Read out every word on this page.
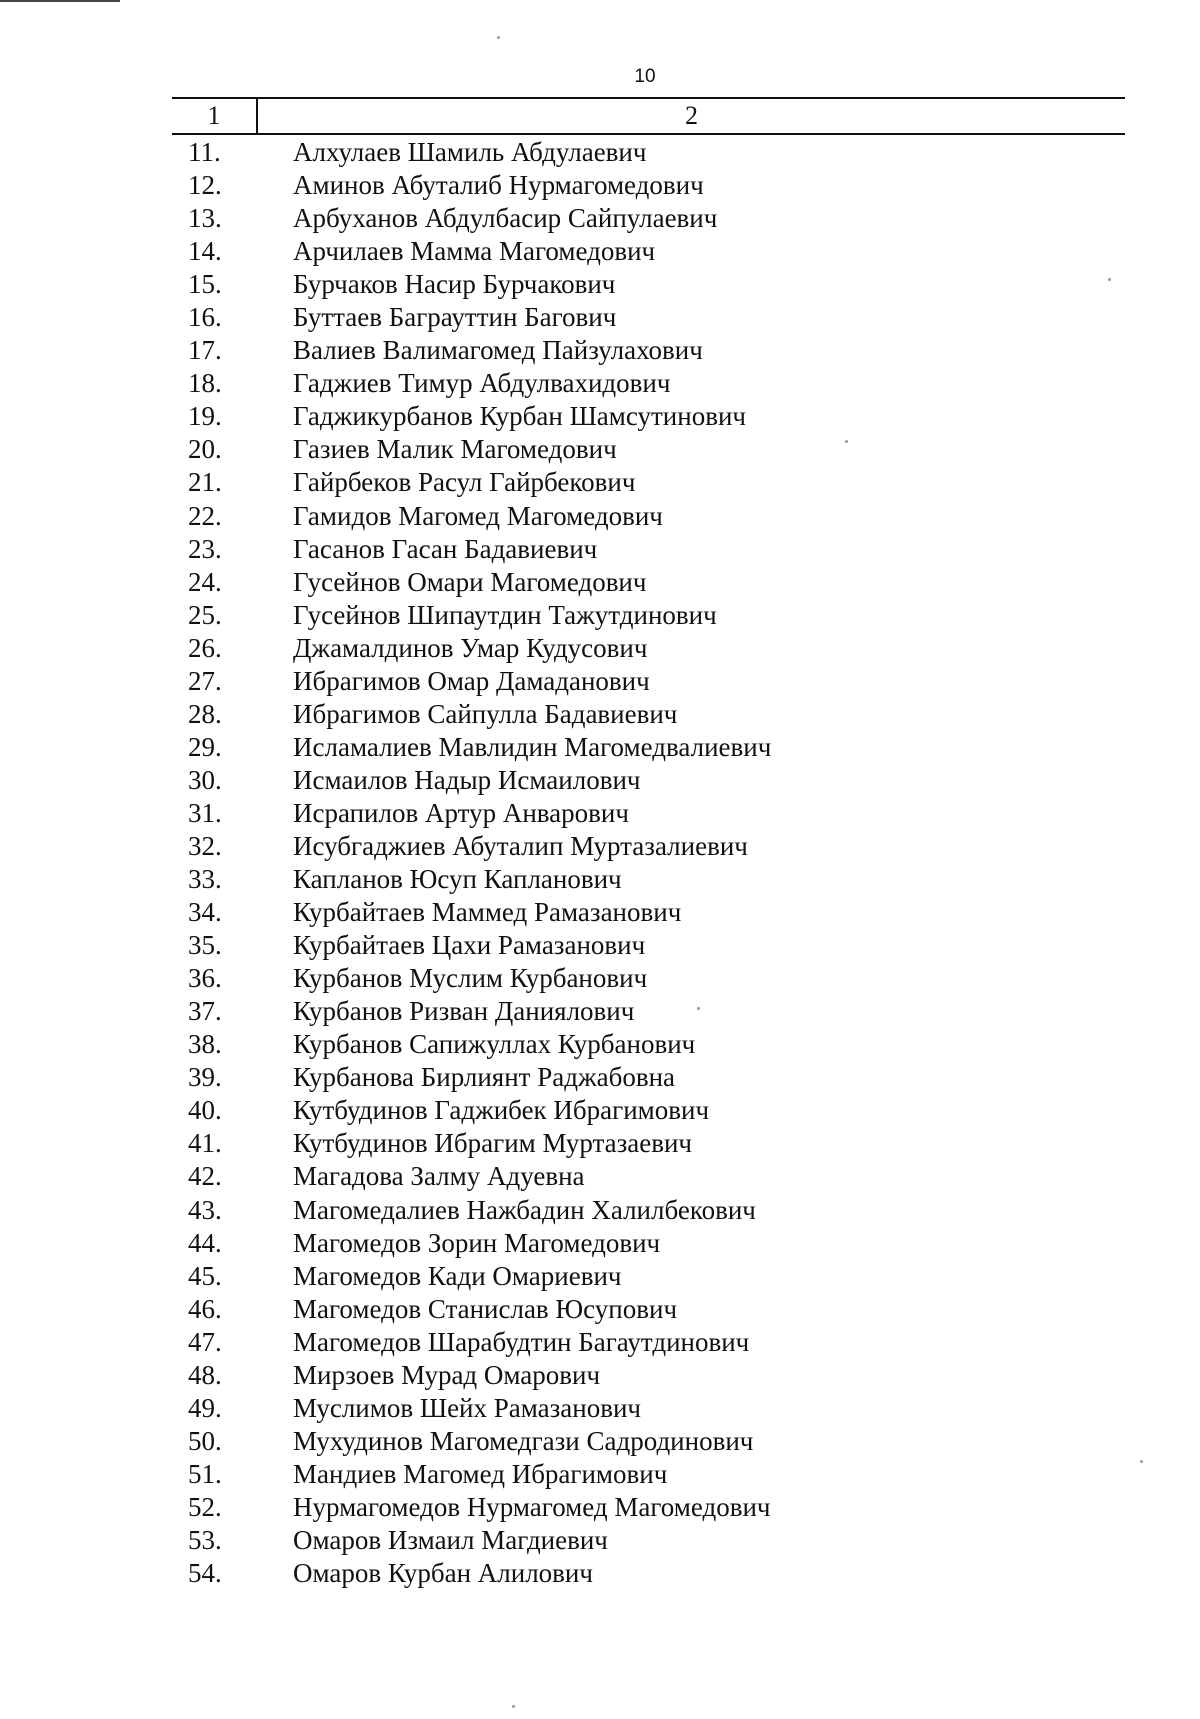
10
1	2
11.	Алхулаев Шамиль Абдулаевич
12.	Аминов Абуталиб Нурмагомедович
13.	Арбуханов Абдулбасир Сайпулаевич
14.	Арчилаев Мамма Магомедович
15.	Бурчаков Насир Бурчакович
16.	Буттаев Баграуттин Багович
17.	Валиев Валимагомед Пайзулахович
18.	Гаджиев Тимур Абдулвахидович
19.	Гаджикурбанов Курбан Шамсутинович
20.	Газиев Малик Магомедович
21.	Гайрбеков Расул Гайрбекович
22.	Гамидов Магомед Магомедович
23.	Гасанов Гасан Бадавиевич
24.	Гусейнов Омари Магомедович
25.	Гусейнов Шипаутдин Тажутдинович
26.	Джамалдинов Умар Кудусович
27.	Ибрагимов Омар Дамаданович
28.	Ибрагимов Сайпулла Бадавиевич
29.	Исламалиев Мавлидин Магомедвалиевич
30.	Исмаилов Надыр Исмаилович
31.	Исрапилов Артур Анварович
32.	Исубгаджиев Абуталип Муртазалиевич
33.	Капланов Юсуп Капланович
34.	Курбайтаев Маммед Рамазанович
35.	Курбайтаев Цахи Рамазанович
36.	Курбанов Муслим Курбанович
37.	Курбанов Ризван Даниялович
38.	Курбанов Сапижуллах Курбанович
39.	Курбанова Бирлиянт Раджабовна
40.	Кутбудинов Гаджибек Ибрагимович
41.	Кутбудинов Ибрагим Муртазаевич
42.	Магадова Залму Адуевна
43.	Магомедалиев Нажбадин Халилбекович
44.	Магомедов Зорин Магомедович
45.	Магомедов Кади Омариевич
46.	Магомедов Станислав Юсупович
47.	Магомедов Шарабудтин Багаутдинович
48.	Мирзоев Мурад Омарович
49.	Муслимов Шейх Рамазанович
50.	Мухудинов Магомедгази Садродинович
51.	Мандиев Магомед Ибрагимович
52.	Нурмагомедов Нурмагомед Магомедович
53.	Омаров Измаил Магдиевич
54.	Омаров Курбан Алилович
